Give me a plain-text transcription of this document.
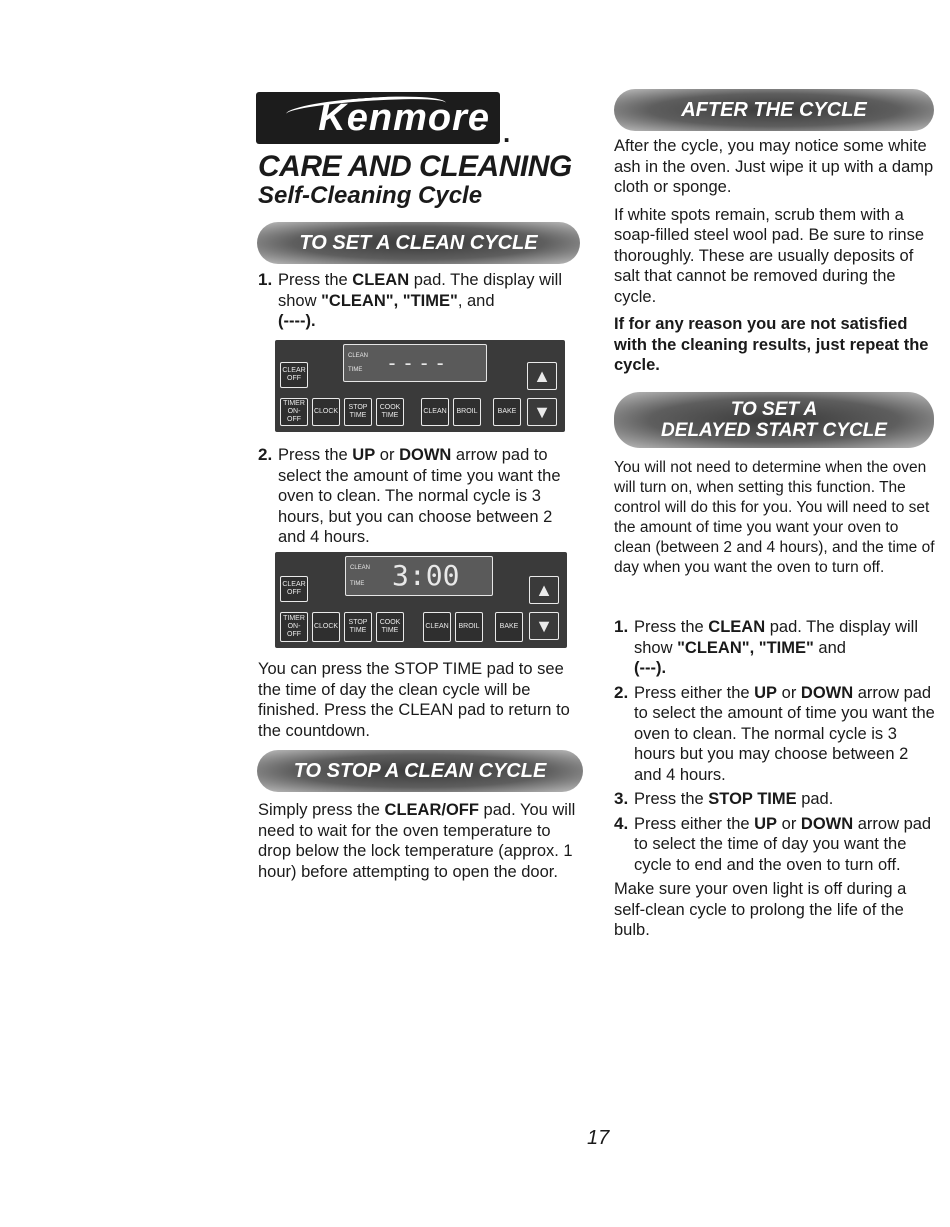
Kenmore .
CARE AND CLEANING
Self-Cleaning Cycle
TO SET A CLEAN CYCLE
1. Press the CLEAN pad. The display will show "CLEAN", "TIME", and
(----).
CLEAN
TIME ----
CLEAR OFF	▲
TIMER ON-OFF
CLOCK
STOP TIME
COOK TIME
CLEAN	BROIL	BAKE ▼
2. Press the UP or DOWN arrow pad to select the amount of time you want the oven to clean. The normal cycle is 3 hours, but you can choose between 2 and 4 hours.
CLEAN
TIME 3:00
CLEAR OFF	▲
TIMER ON-OFF
CLOCK
STOP TIME
COOK TIME
CLEAN	BROIL	BAKE ▼

You can press the STOP TIME pad to see the time of day the clean cycle will be finished. Press the CLEAN pad to return to the countdown.

TO STOP A CLEAN CYCLE

Simply press the CLEAR/OFF pad. You will need to wait for the oven temperature to drop below the lock temperature (approx. 1 hour) before attempting to open the door.

AFTER THE CYCLE

After the cycle, you may notice some white ash in the oven. Just wipe it up with a damp cloth or sponge.

If white spots remain, scrub them with a soap-filled steel wool pad. Be sure to rinse thoroughly. These are usually deposits of salt that cannot be removed during the cycle.

If for any reason you are not satisfied with the cleaning results, just repeat the cycle.

TO SET A
DELAYED START CYCLE

You will not need to determine when the oven will turn on, when setting this function. The control will do this for you. You will need to set the amount of time you want your oven to clean (between 2 and 4 hours), and the time of day when you want the oven to turn off.

1. Press the CLEAN pad. The display will show "CLEAN", "TIME" and
(---).
2. Press either the UP or DOWN arrow pad to select the amount of time you want the oven to clean. The normal cycle is 3 hours but you may choose between 2 and 4 hours.
3. Press the STOP TIME pad.
4. Press either the UP or DOWN arrow pad to select the time of day you want the cycle to end and the oven to turn off.

Make sure your oven light is off during a self-clean cycle to prolong the life of the bulb.

17
